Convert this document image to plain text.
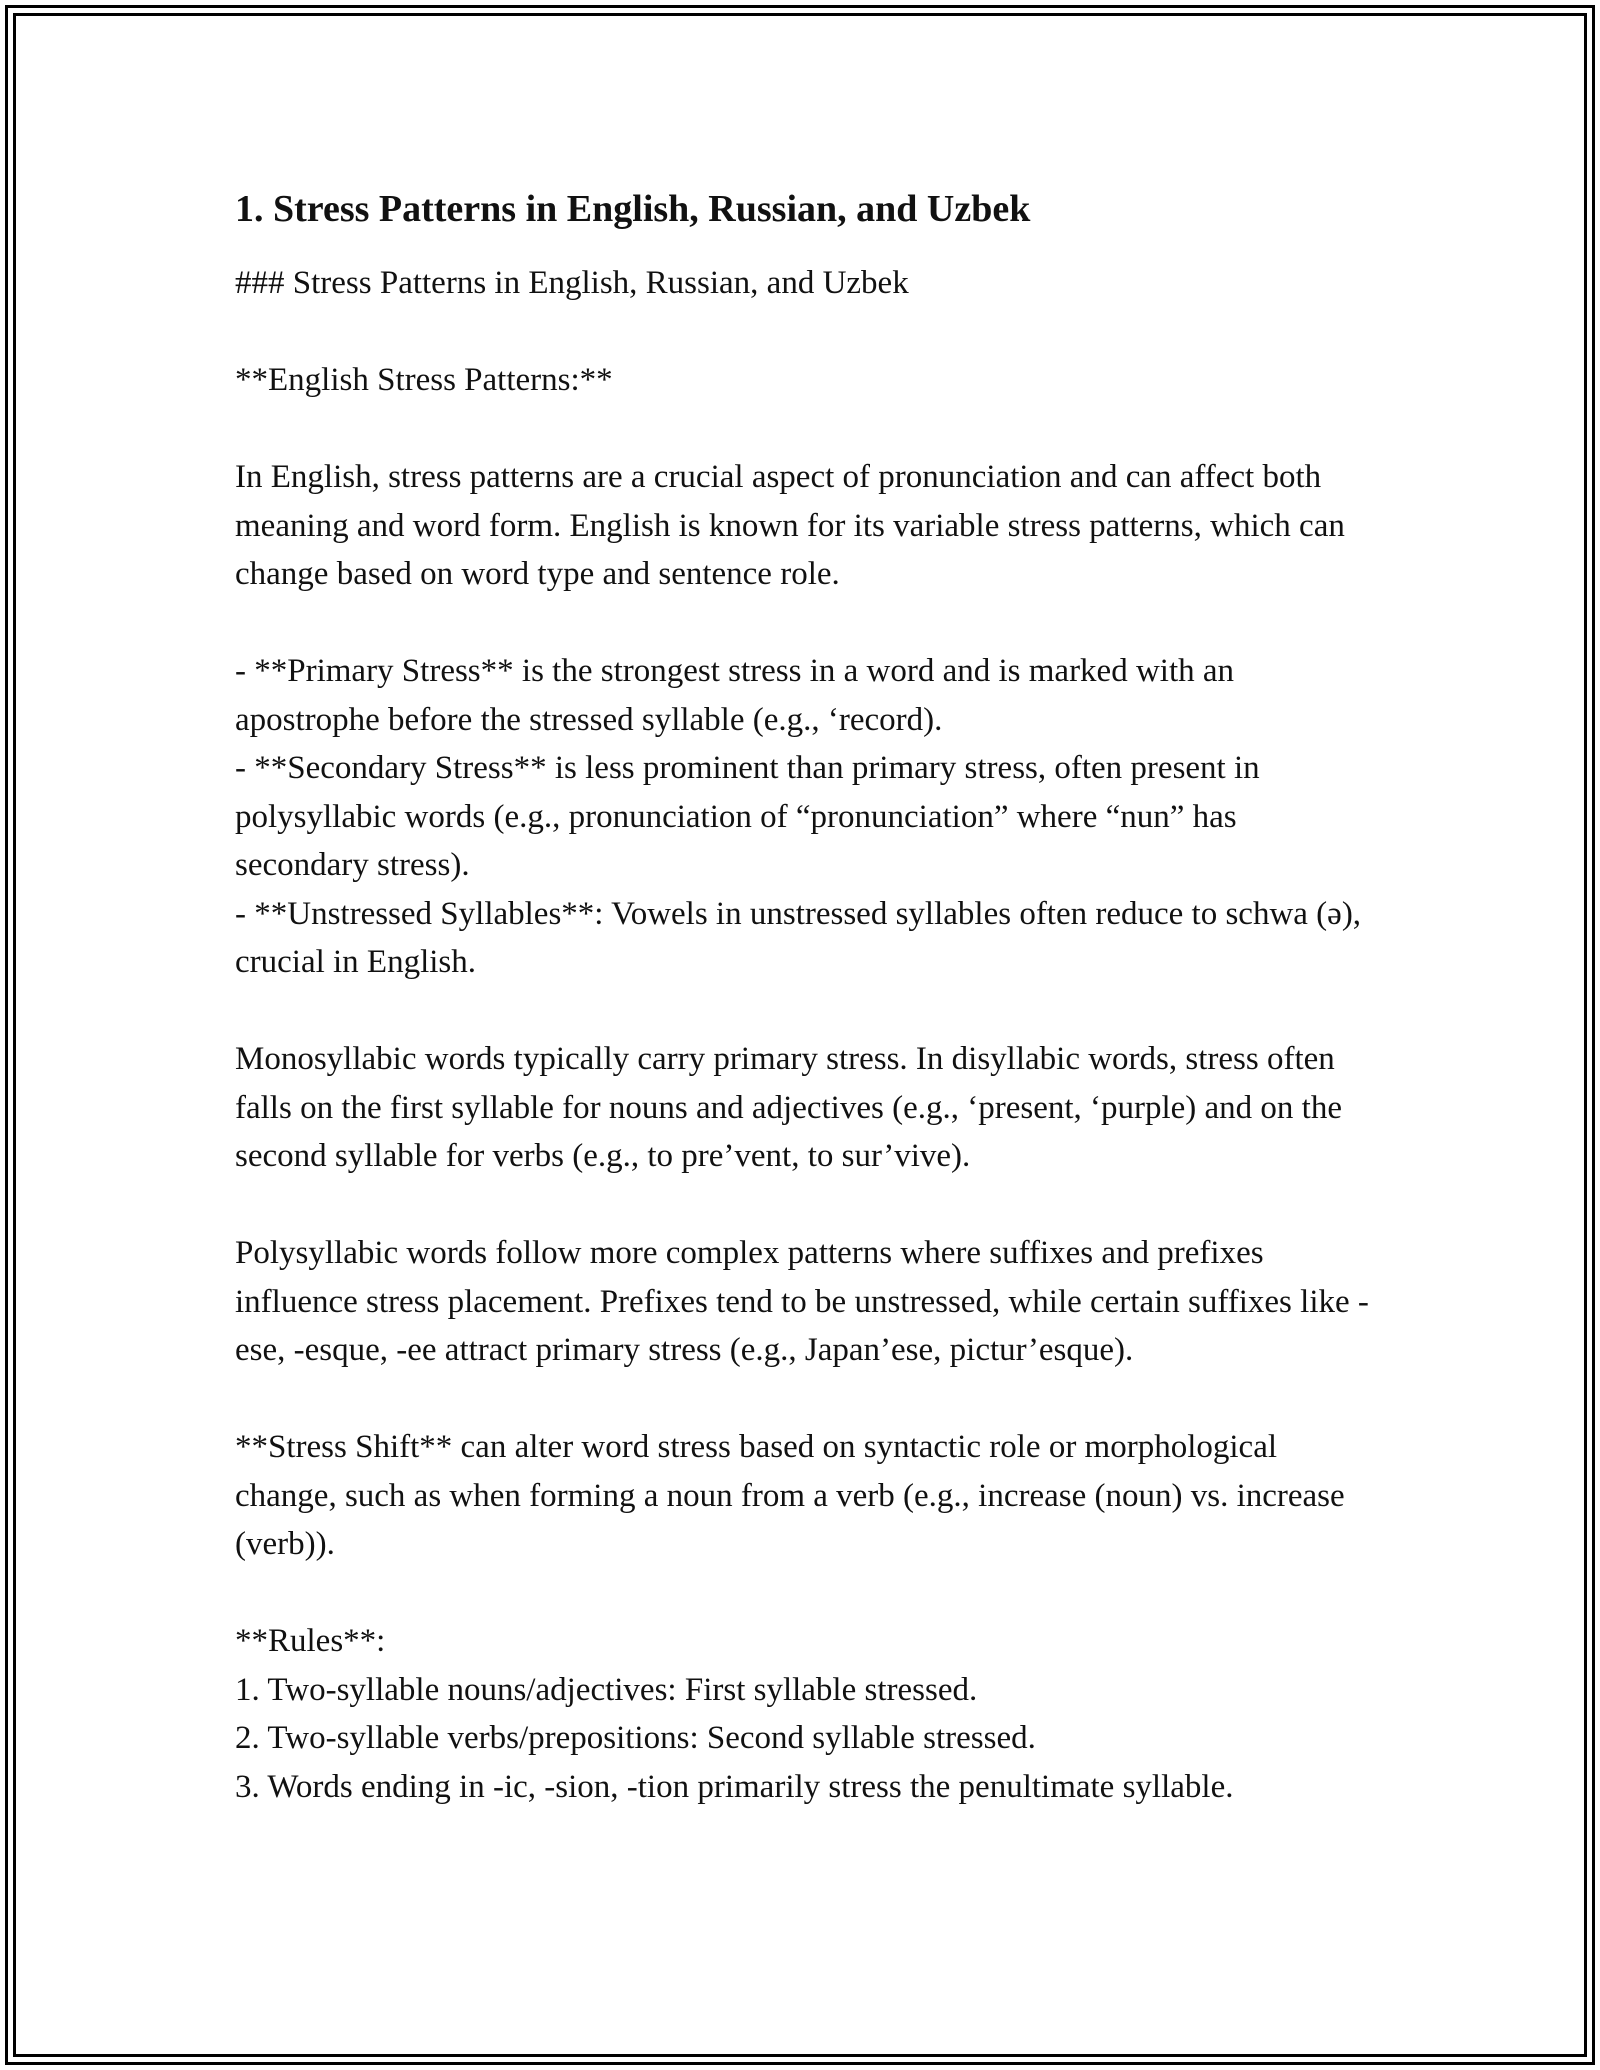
1. Stress Patterns in English, Russian, and Uzbek
### Stress Patterns in English, Russian, and Uzbek
**English Stress Patterns:**
In English, stress patterns are a crucial aspect of pronunciation and can affect both meaning and word form. English is known for its variable stress patterns, which can change based on word type and sentence role.
- **Primary Stress** is the strongest stress in a word and is marked with an apostrophe before the stressed syllable (e.g., ‘record).
- **Secondary Stress** is less prominent than primary stress, often present in polysyllabic words (e.g., pronunciation of “pronunciation” where “nun” has secondary stress).
- **Unstressed Syllables**: Vowels in unstressed syllables often reduce to schwa (ə), crucial in English.
Monosyllabic words typically carry primary stress. In disyllabic words, stress often falls on the first syllable for nouns and adjectives (e.g., ‘present, ‘purple) and on the second syllable for verbs (e.g., to pre’vent, to sur’vive).
Polysyllabic words follow more complex patterns where suffixes and prefixes influence stress placement. Prefixes tend to be unstressed, while certain suffixes like -ese, -esque, -ee attract primary stress (e.g., Japan’ese, pictur’esque).
**Stress Shift** can alter word stress based on syntactic role or morphological change, such as when forming a noun from a verb (e.g., increase (noun) vs. increase (verb)).
**Rules**:
1. Two-syllable nouns/adjectives: First syllable stressed.
2. Two-syllable verbs/prepositions: Second syllable stressed.
3. Words ending in -ic, -sion, -tion primarily stress the penultimate syllable.
